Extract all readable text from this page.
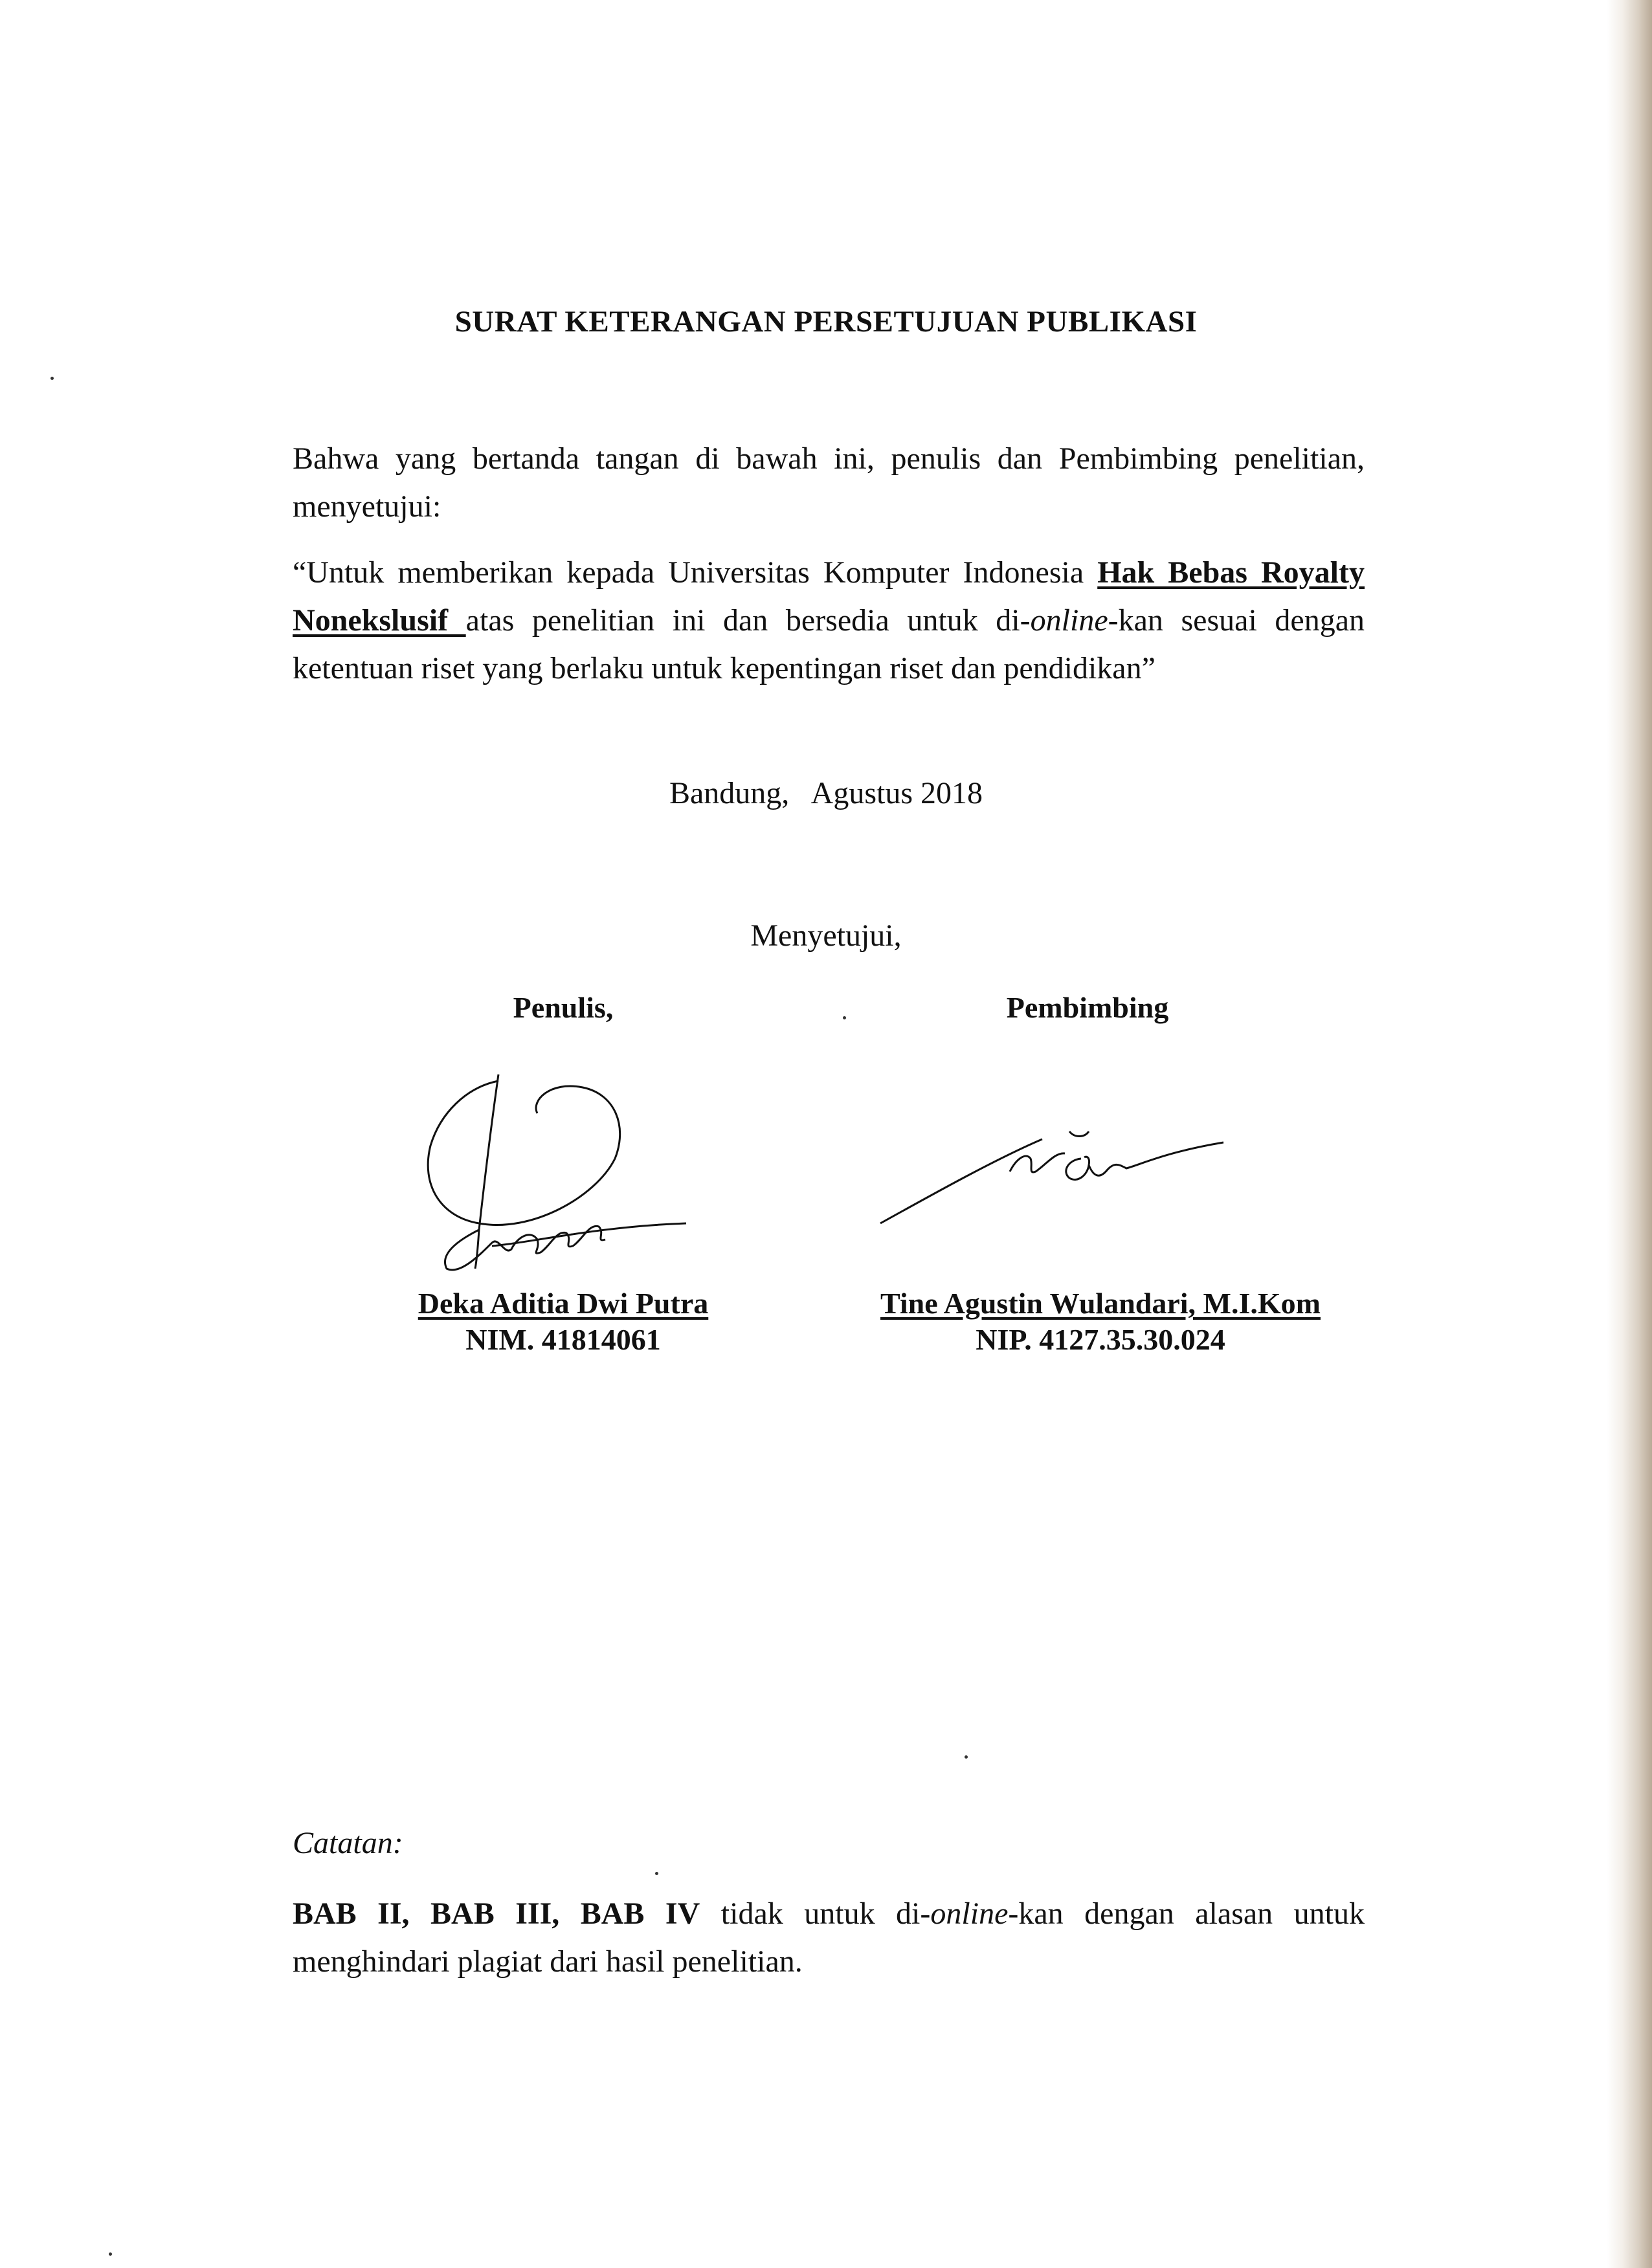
SURAT KETERANGAN PERSETUJUAN PUBLIKASI
Bahwa yang bertanda tangan di bawah ini, penulis dan Pembimbing penelitian,
menyetujui:
“Untuk memberikan kepada Universitas Komputer Indonesia Hak Bebas Royalty
Nonekslusif atas penelitian ini dan bersedia untuk di-online-kan sesuai dengan
ketentuan riset yang berlaku untuk kepentingan riset dan pendidikan”
Bandung,   Agustus 2018
Menyetujui,
Penulis,	Pembimbing
Deka Aditia Dwi Putra
NIM. 41814061
Tine Agustin Wulandari, M.I.Kom
NIP. 4127.35.30.024
Catatan:
BAB II, BAB III, BAB IV tidak untuk di-online-kan dengan alasan untuk
menghindari plagiat dari hasil penelitian.
